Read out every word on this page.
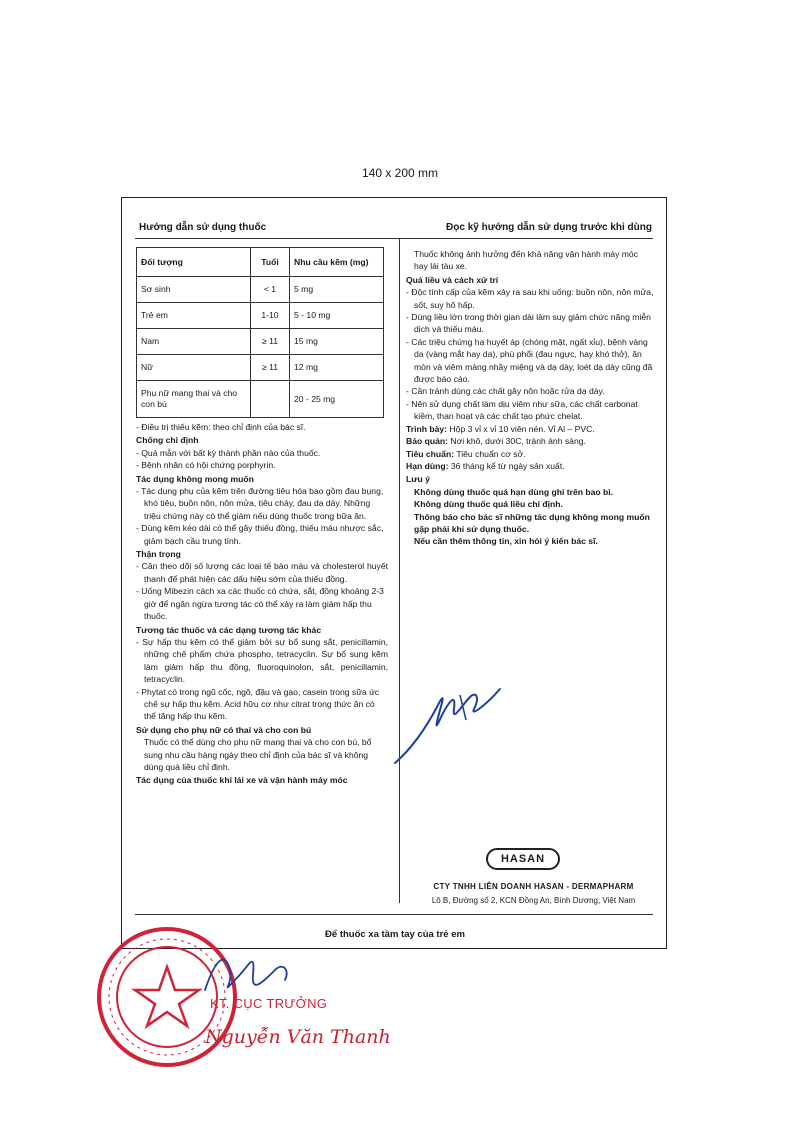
140 x 200 mm
Hướng dẫn sử dụng thuốc	Đọc kỹ hướng dẫn sử dụng trước khi dùng
Đối tượng	Tuổi	Nhu cầu kẽm (mg)
Sơ sinh	< 1	5 mg
Trẻ em	1-10	5 - 10 mg
Nam	≥ 11	15 mg
Nữ	≥ 11	12 mg
Phụ nữ mang thai và cho con bú		20 - 25 mg
- Điều trị thiếu kẽm: theo chỉ định của bác sĩ.
Chống chỉ định
- Quá mẫn với bất kỳ thành phần nào của thuốc.
- Bệnh nhân có hội chứng porphyrin.
Tác dụng không mong muốn
- Tác dụng phụ của kẽm trên đường tiêu hóa bao gồm đau bụng, khó tiêu, buồn nôn, nôn mửa, tiêu chảy, đau dạ dày. Những triệu chứng này có thể giảm nếu dùng thuốc trong bữa ăn.
- Dùng kẽm kéo dài có thể gây thiếu đồng, thiếu máu nhược sắc, giảm bạch cầu trung tính.
Thận trọng
- Cần theo dõi số lượng các loại tế bào máu và cholesterol huyết thanh để phát hiện các dấu hiệu sớm của thiếu đồng.
- Uống Mibezin cách xa các thuốc có chứa, sắt, đồng khoảng 2-3 giờ để ngăn ngừa tương tác có thể xảy ra làm giảm hấp thu thuốc.
Tương tác thuốc và các dạng tương tác khác
- Sự hấp thu kẽm có thể giảm bởi sự bổ sung sắt, penicillamin, những chế phẩm chứa phospho, tetracyclin. Sự bổ sung kẽm làm giảm hấp thu đồng, fluoroquinolon, sắt, penicillamin, tetracyclin.
- Phytat có trong ngũ cốc, ngô, đậu và gạo, casein trong sữa ức chế sự hấp thu kẽm. Acid hữu cơ như citrat trong thức ăn có thể tăng hấp thu kẽm.
Sử dụng cho phụ nữ có thai và cho con bú
Thuốc có thể dùng cho phụ nữ mang thai và cho con bú, bổ sung nhu cầu hàng ngày theo chỉ định của bác sĩ và không dùng quá liều chỉ định.
Tác dụng của thuốc khi lái xe và vận hành máy móc
Thuốc không ảnh hưởng đến khả năng vận hành máy móc hay lái tàu xe.
Quá liều và cách xử trí
- Độc tính cấp của kẽm xảy ra sau khi uống: buồn nôn, nôn mửa, sốt, suy hô hấp.
- Dùng liều lớn trong thời gian dài làm suy giảm chức năng miễn dịch và thiếu máu.
- Các triệu chứng hạ huyết áp (chóng mặt, ngất xỉu), bệnh vàng da (vàng mắt hay da), phù phổi (đau ngực, hay khó thở), ăn mòn và viêm màng nhầy miệng và dạ dày, loét dạ dày cũng đã được báo cáo.
- Cần tránh dùng các chất gây nôn hoặc rửa dạ dày.
- Nên sử dụng chất làm dịu viêm như sữa, các chất carbonat kiềm, than hoạt và các chất tạo phức chelat.
Trình bày: Hộp 3 vỉ x vỉ 10 viên nén. Vỉ Al – PVC.
Bảo quản: Nơi khô, dưới 30C, tránh ánh sáng.
Tiêu chuẩn: Tiêu chuẩn cơ sở.
Hạn dùng: 36 tháng kể từ ngày sản xuất.
Lưu ý
Không dùng thuốc quá hạn dùng ghi trên bao bì.
Không dùng thuốc quá liều chỉ định.
Thông báo cho bác sĩ những tác dụng không mong muốn gặp phải khi sử dụng thuốc.
Nếu cần thêm thông tin, xin hỏi ý kiến bác sĩ.
HASAN
CTY TNHH LIÊN DOANH HASAN - DERMAPHARM
Lô B, Đường số 2, KCN Đồng An, Bình Dương, Việt Nam
Để thuốc xa tầm tay của trẻ em
KT. CỤC TRƯỞNG
Nguyễn Văn Thanh
